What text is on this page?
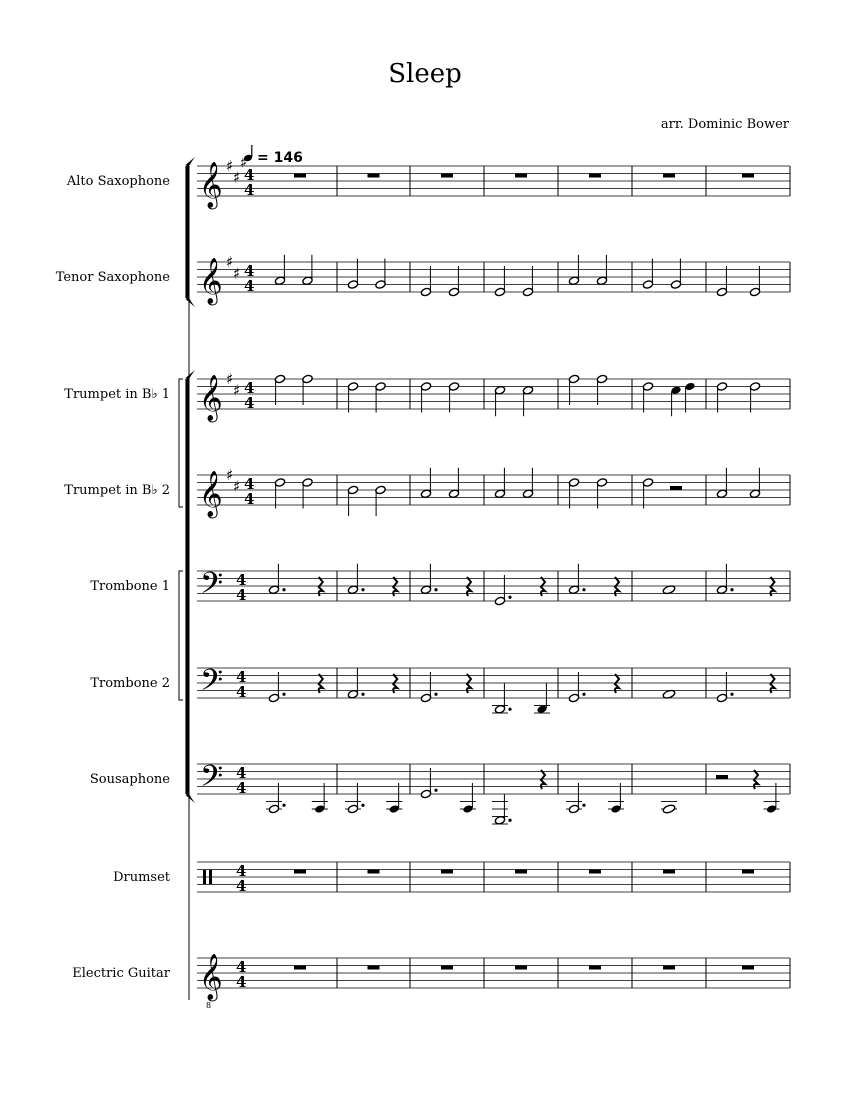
Sleep
arr. Dominic Bower
= 146
Alto Saxophone 𝄞 ♯
♯
♯
4
4
Tenor Saxophone 𝄞 ♯
♯ 4
4
Trumpet in B♭ 1 𝄞 ♯
♯ 4
4
Trumpet in B♭ 2 𝄞 ♯
♯ 4
4
Trombone 1 𝄢 4
4
Trombone 2 𝄢 4
4
Sousaphone 𝄢 4
4
Drumset	4
4
Electric Guitar 𝄞
8
4
4
